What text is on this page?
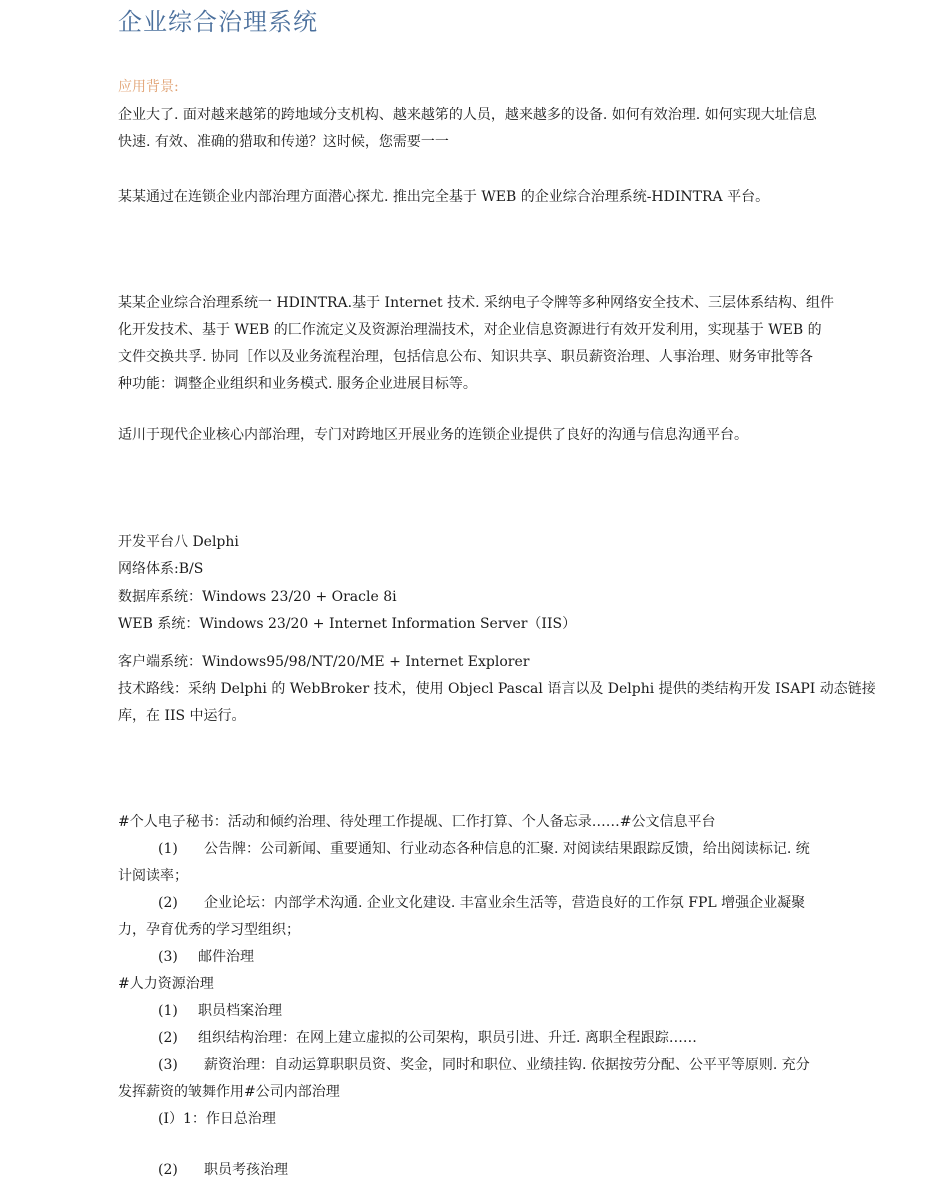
企业综合治理系统
应用背景:
企业大了. 面对越来越笫的跨地域分支机构、越来越笫的人员，越来越多的设备. 如何有效治理. 如何实现大址信息
快速. 有效、准确的猎取和传递？这时候，您需要一一
某某通过在连锁企业内部治理方面潜心探尤. 推出完全基于 WEB 的企业综合治理系统-HDINTRA 平台。
某某企业综合治理系统一 HDINTRA.基于 Internet 技术. 采纳电子令牌等多种网络安全技术、三层体系结构、组件
化开发技术、基于 WEB 的匚作流定义及资源治理湍技术，对企业信息资源进行有效开发利用，实现基于 WEB 的
文件交换共孚. 协同［作以及业务流程治理，包括信息公布、知识共享、职员薪资治理、人事治理、财务审批等各
种功能：调整企业组织和业务模式. 服务企业进展目标等。
适川于现代企业核心内部治理，专门对跨地区开展业务的连锁企业提供了良好的沟通与信息沟通平台。
开发平台八 Delphi
网络体系:B/S
数据库系统：Windows 23/20 + Oracle 8i
WEB 系统：Windows 23/20 + Internet Information Server（IIS）
客户端系统：Windows95/98/NT/20/ME + Internet Explorer
技术路线：采纳 Delphi 的 WebBroker 技术，使用 Objecl Pascal 语言以及 Delphi 提供的类结构开发 ISAPI 动态链接
库，在 IIS 中运行。
#个人电子秘书：活动和倾约治理、待处理工作提觇、匸作打算、个人备忘录……#公文信息平台
(1) 公告牌：公司新闻、重要通知、行业动态各种信息的汇聚. 对阅读结果跟踪反馈，给出阅读标记. 统
计阅读率；
(2) 企业论坛：内部学术沟通. 企业文化建设. 丰富业余生活等，营造良好的工作氛 FPL 增强企业凝聚
力，孕育优秀的学习型组织；
(3) 邮件治理
#人力资源治理
(1) 职员档案治理
(2) 组织结构治理：在网上建立虚拟的公司架构，职员引进、升迁. 离职全程跟踪……
(3) 薪资治理：自动运算职职员资、奖金，同时和职位、业绩挂钩. 依据按劳分配、公平平等原则. 充分
发挥薪资的皱舞作用#公司内部治理
(I）1：作日总治理
(2) 职员考孩治理
